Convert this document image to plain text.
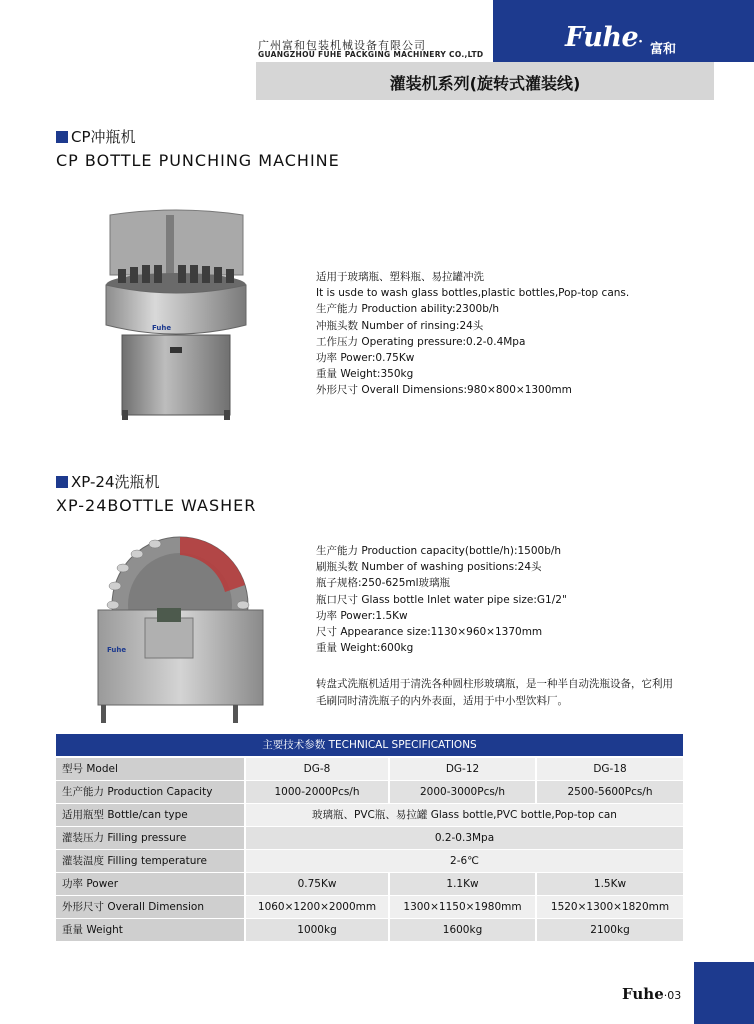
广州富和包装机械设备有限公司
GUANGZHOU FUHE PACKGING MACHINERY CO.,LTD
Fuhe· 富和
灌装机系列(旋转式灌装线)
CP冲瓶机
CP BOTTLE PUNCHING MACHINE
Fuhe
适用于玻璃瓶、塑料瓶、易拉罐冲洗
It is usde to wash glass bottles,plastic bottles,Pop-top cans.
生产能力 Production ability:2300b/h
冲瓶头数 Number of rinsing:24头
工作压力 Operating pressure:0.2-0.4Mpa
功率 Power:0.75Kw
重量 Weight:350kg
外形尺寸 Overall Dimensions:980×800×1300mm
XP-24洗瓶机
XP-24BOTTLE WASHER
Fuhe
生产能力 Production capacity(bottle/h):1500b/h
刷瓶头数 Number of washing positions:24头
瓶子规格:250-625ml玻璃瓶
瓶口尺寸 Glass bottle Inlet water pipe size:G1/2"
功率 Power:1.5Kw
尺寸 Appearance size:1130×960×1370mm
重量 Weight:600kg
转盘式洗瓶机适用于清洗各种圆柱形玻璃瓶，是一种半自动洗瓶设备，它利用毛刷同时清洗瓶子的内外表面，适用于中小型饮料厂。
主要技术参数 TECHNICAL SPECIFICATIONS
型号 Model	DG-8	DG-12	DG-18
生产能力 Production Capacity	1000-2000Pcs/h	2000-3000Pcs/h	2500-5600Pcs/h
适用瓶型 Bottle/can type	玻璃瓶、PVC瓶、易拉罐 Glass bottle,PVC bottle,Pop-top can
灌装压力 Filling pressure	0.2-0.3Mpa
灌装温度 Filling temperature	2-6℃
功率 Power	0.75Kw	1.1Kw	1.5Kw
外形尺寸 Overall Dimension	1060×1200×2000mm	1300×1150×1980mm	1520×1300×1820mm
重量 Weight	1000kg	1600kg	2100kg
Fuhe·03
